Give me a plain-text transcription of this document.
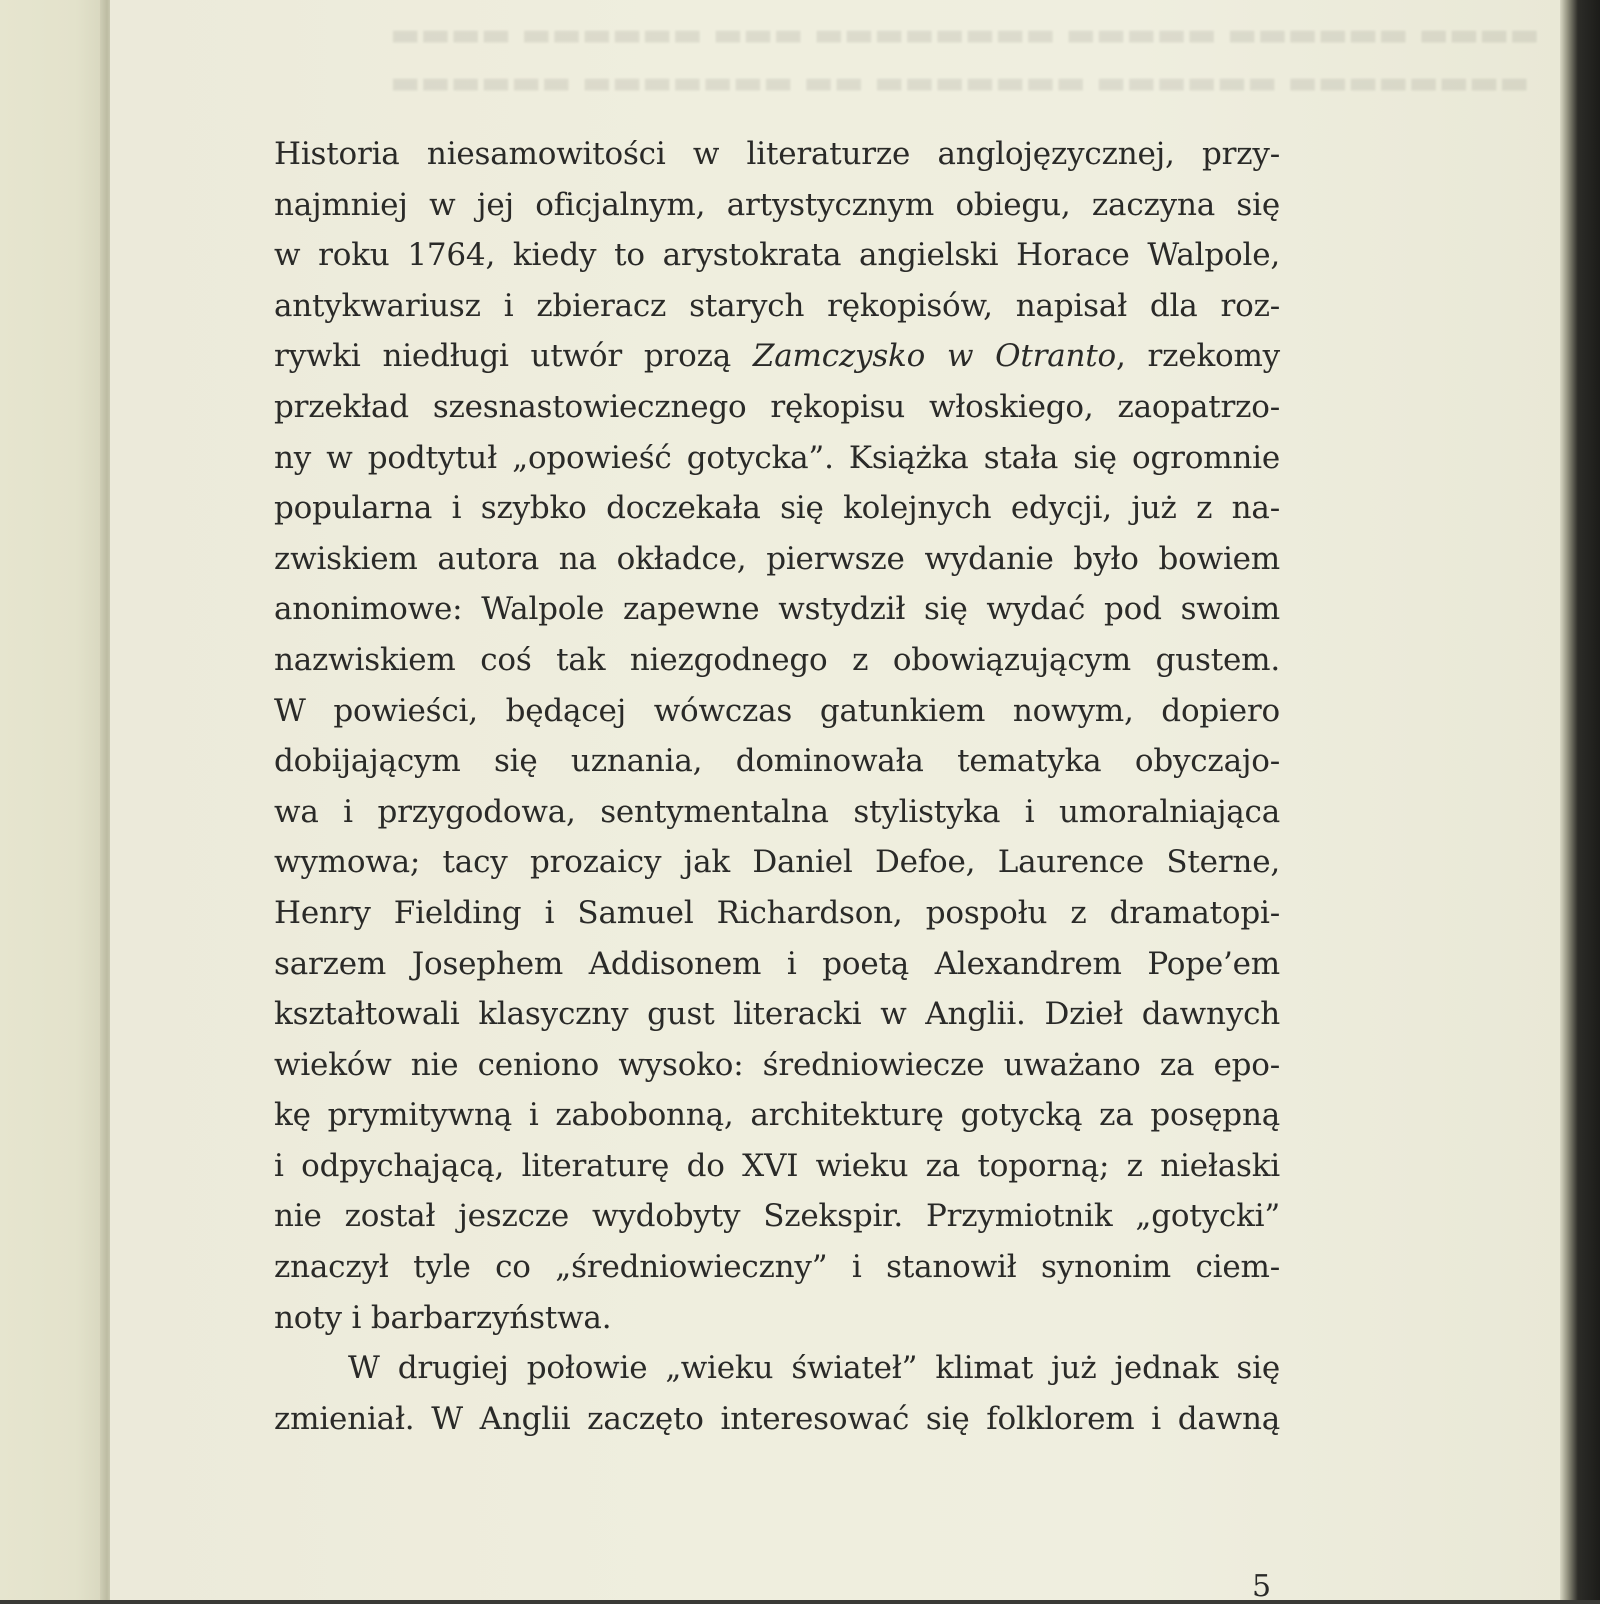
▬▬▬▬ ▬▬▬▬▬▬ ▬▬▬ ▬▬▬▬▬▬▬▬ ▬▬▬▬▬ ▬▬▬▬▬▬ ▬▬▬▬
▬▬▬▬▬▬ ▬▬▬▬▬▬▬ ▬▬ ▬▬▬▬▬▬▬ ▬▬▬▬▬▬ ▬▬▬▬▬▬▬▬
Historia niesamowitości w literaturze anglojęzycznej, przy-
najmniej w jej oficjalnym, artystycznym obiegu, zaczyna się
w roku 1764, kiedy to arystokrata angielski Horace Walpole,
antykwariusz i zbieracz starych rękopisów, napisał dla roz-
rywki niedługi utwór prozą Zamczysko w Otranto, rzekomy
przekład szesnastowiecznego rękopisu włoskiego, zaopatrzo-
ny w podtytuł „opowieść gotycka”. Książka stała się ogromnie
popularna i szybko doczekała się kolejnych edycji, już z na-
zwiskiem autora na okładce, pierwsze wydanie było bowiem
anonimowe: Walpole zapewne wstydził się wydać pod swoim
nazwiskiem coś tak niezgodnego z obowiązującym gustem.
W powieści, będącej wówczas gatunkiem nowym, dopiero
dobijającym się uznania, dominowała tematyka obyczajo-
wa i przygodowa, sentymentalna stylistyka i umoralniająca
wymowa; tacy prozaicy jak Daniel Defoe, Laurence Sterne,
Henry Fielding i Samuel Richardson, pospołu z dramatopi-
sarzem Josephem Addisonem i poetą Alexandrem Pope’em
kształtowali klasyczny gust literacki w Anglii. Dzieł dawnych
wieków nie ceniono wysoko: średniowiecze uważano za epo-
kę prymitywną i zabobonną, architekturę gotycką za posępną
i odpychającą, literaturę do XVI wieku za toporną; z niełaski
nie został jeszcze wydobyty Szekspir. Przymiotnik „gotycki”
znaczył tyle co „średniowieczny” i stanowił synonim ciem-
noty i barbarzyństwa.
W drugiej połowie „wieku świateł” klimat już jednak się
zmieniał. W Anglii zaczęto interesować się folklorem i dawną
5
